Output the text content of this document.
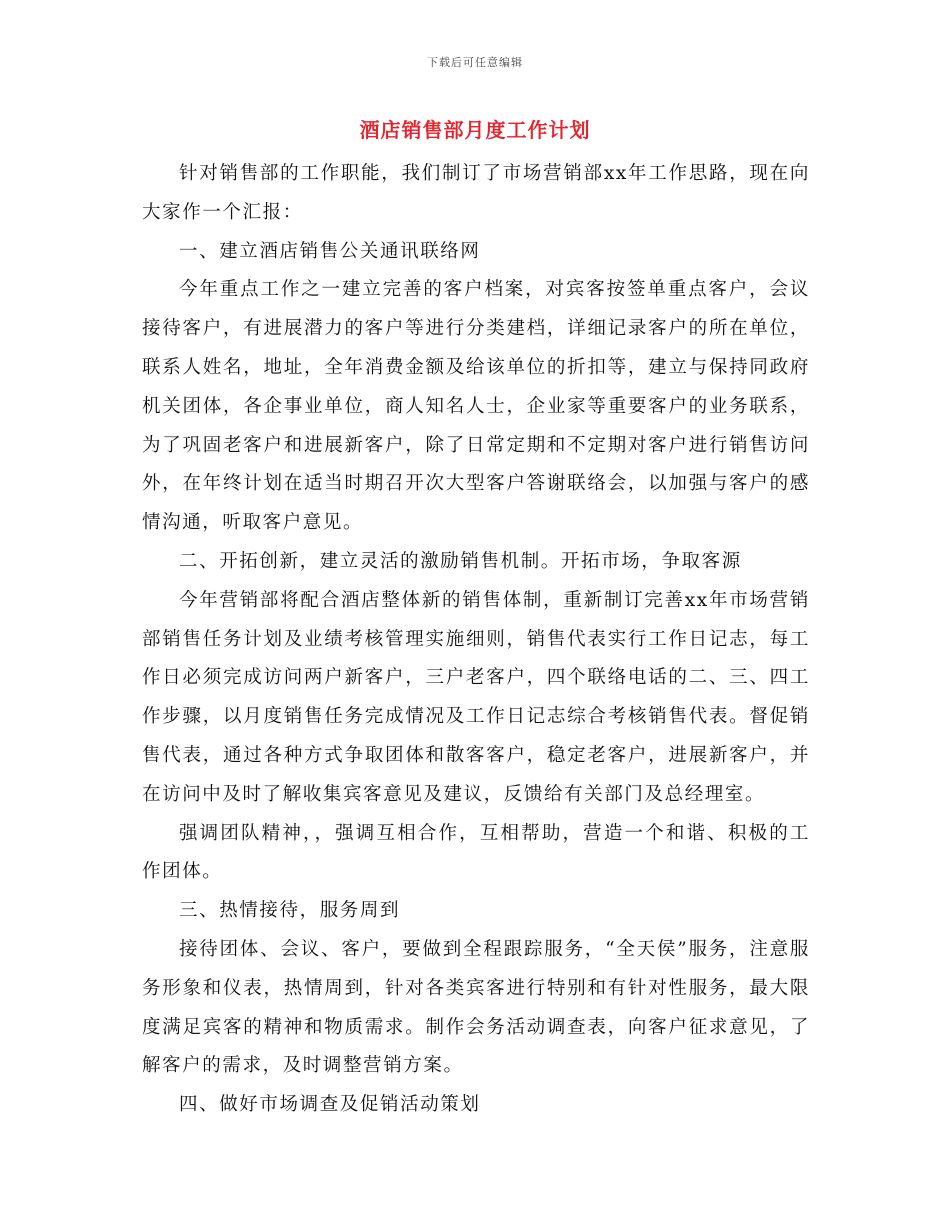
下载后可任意编辑
酒店销售部月度工作计划

针对销售部的工作职能，我们制订了市场营销部xx年工作思路，现在向大家作一个汇报：

一、建立酒店销售公关通讯联络网

今年重点工作之一建立完善的客户档案，对宾客按签单重点客户，会议接待客户，有进展潜力的客户等进行分类建档，详细记录客户的所在单位，联系人姓名，地址，全年消费金额及给该单位的折扣等，建立与保持同政府机关团体，各企事业单位，商人知名人士，企业家等重要客户的业务联系，为了巩固老客户和进展新客户，除了日常定期和不定期对客户进行销售访问外，在年终计划在适当时期召开次大型客户答谢联络会，以加强与客户的感情沟通，听取客户意见。

二、开拓创新，建立灵活的激励销售机制。开拓市场，争取客源

今年营销部将配合酒店整体新的销售体制，重新制订完善xx年市场营销部销售任务计划及业绩考核管理实施细则，销售代表实行工作日记志，每工作日必须完成访问两户新客户，三户老客户，四个联络电话的二、三、四工作步骤，以月度销售任务完成情况及工作日记志综合考核销售代表。督促销售代表，通过各种方式争取团体和散客客户，稳定老客户，进展新客户，并在访问中及时了解收集宾客意见及建议，反馈给有关部门及总经理室。

强调团队精神，，强调互相合作，互相帮助，营造一个和谐、积极的工作团体。

三、热情接待，服务周到

接待团体、会议、客户，要做到全程跟踪服务，“全天侯”服务，注意服务形象和仪表，热情周到，针对各类宾客进行特别和有针对性服务，最大限度满足宾客的精神和物质需求。制作会务活动调查表，向客户征求意见，了解客户的需求，及时调整营销方案。

四、做好市场调查及促销活动策划
